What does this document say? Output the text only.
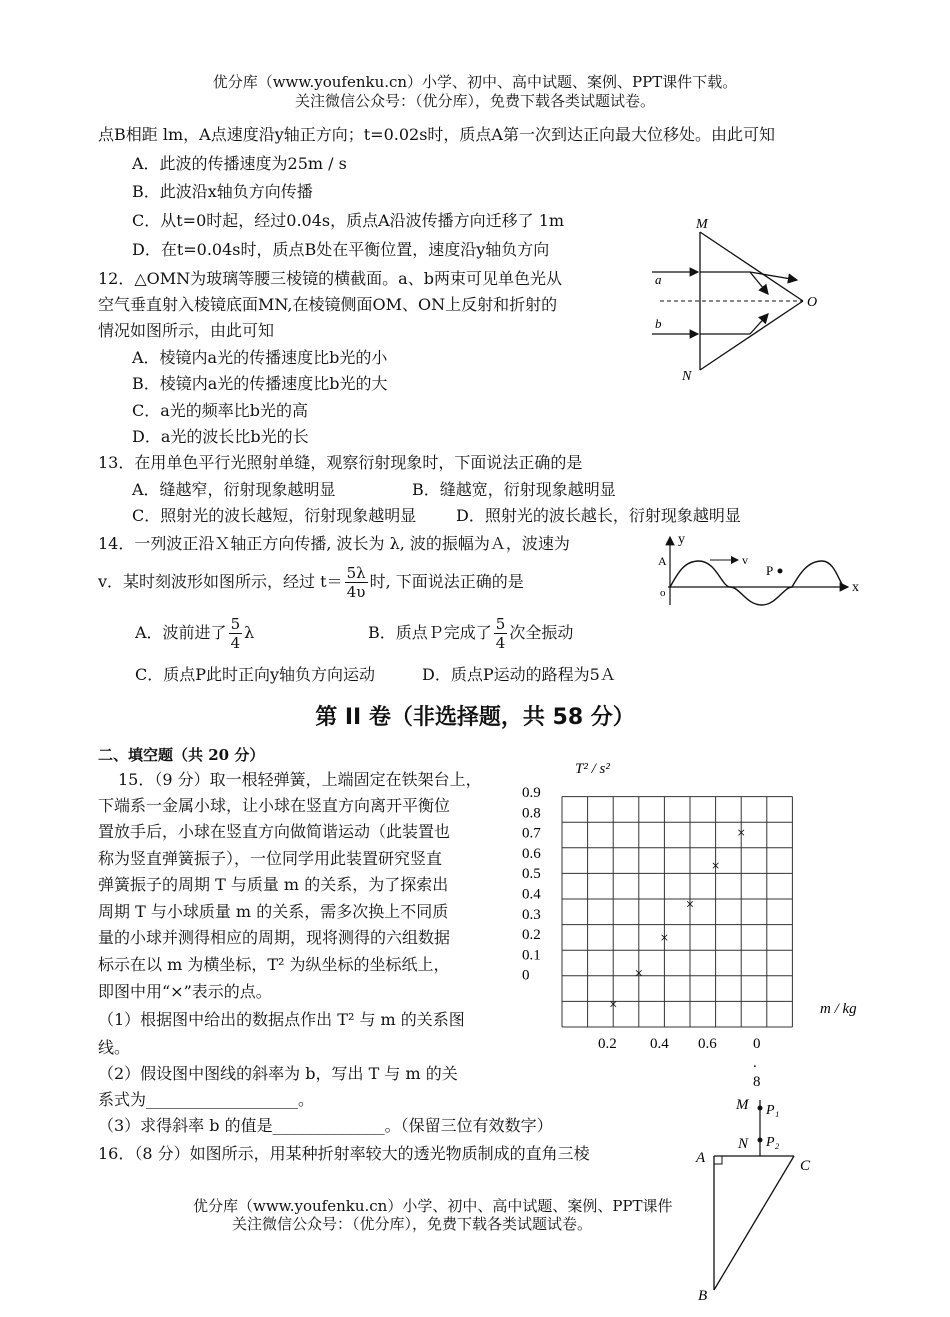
优分库（www.youfenku.cn）小学、初中、高中试题、案例、PPT课件下载。
关注微信公众号：（优分库），免费下载各类试题试卷。
点B相距 lm，A点速度沿y轴正方向；t=0.02s时，质点A第一次到达正向最大位移处。由此可知
A．此波的传播速度为25m / s
B．此波沿x轴负方向传播
C．从t=0时起，经过0.04s，质点A沿波传播方向迁移了 1m
D．在t=0.04s时，质点B处在平衡位置，速度沿y轴负方向
12．△OMN为玻璃等腰三棱镜的横截面。a、b两束可见单色光从
空气垂直射入棱镜底面MN,在棱镜侧面OM、ON上反射和折射的
情况如图所示，由此可知
A．棱镜内a光的传播速度比b光的小
B．棱镜内a光的传播速度比b光的大
C．a光的频率比b光的高
D．a光的波长比b光的长
M
N
O
a
b
13．在用单色平行光照射单缝，观察衍射现象时，下面说法正确的是
A．缝越窄，衍射现象越明显	B．缝越宽，衍射现象越明显
C．照射光的波长越短，衍射现象越明显 D．照射光的波长越长，衍射现象越明显
14．一列波正沿Ｘ轴正方向传播, 波长为 λ, 波的振幅为Ａ，波速为
v．某时刻波形如图所示，经过 $t= \frac{5\lambda}{4\upsilon}$ 时, 下面说法正确的是
A．波前进了 $\frac{5}{4}$ λ	B．质点Ｐ完成了 $\frac{5}{4}$ 次全振动
C．质点P此时正向y轴负方向运动	D．质点P运动的路程为5Ａ
y
x
A	v
P
o
第 II 卷（非选择题，共 58 分）
二、填空题（共 20 分）
15．（9 分）取一根轻弹簧，上端固定在铁架台上，
下端系一金属小球，让小球在竖直方向离开平衡位
置放手后，小球在竖直方向做简谐运动（此装置也
称为竖直弹簧振子），一位同学用此装置研究竖直
弹簧振子的周期 T 与质量 m 的关系，为了探索出
周期 T 与小球质量 m 的关系，需多次换上不同质
量的小球并测得相应的周期，现将测得的六组数据
标示在以 m 为横坐标，T² 为纵坐标的坐标纸上，
即图中用“×”表示的点。
（1）根据图中给出的数据点作出 T² 与 m 的关系图
线。
（2）假设图中图线的斜率为 b，写出 T 与 m 的关
系式为___________________。
（3）求得斜率 b 的值是______________。（保留三位有效数字）
0.9
0.8
0.7
0.6
0.5
0.4
0.3
0.2
0.1
0
0.2 0.4 0.6 0
.
8
T² / s²
m / kg
×
×
×
×
×
×
16．（8 分）如图所示，用某种折射率较大的透光物质制成的直角三棱
M P₁
N P₂
A	C
B
优分库（www.youfenku.cn）小学、初中、高中试题、案例、PPT课件
关注微信公众号：（优分库），免费下载各类试题试卷。
